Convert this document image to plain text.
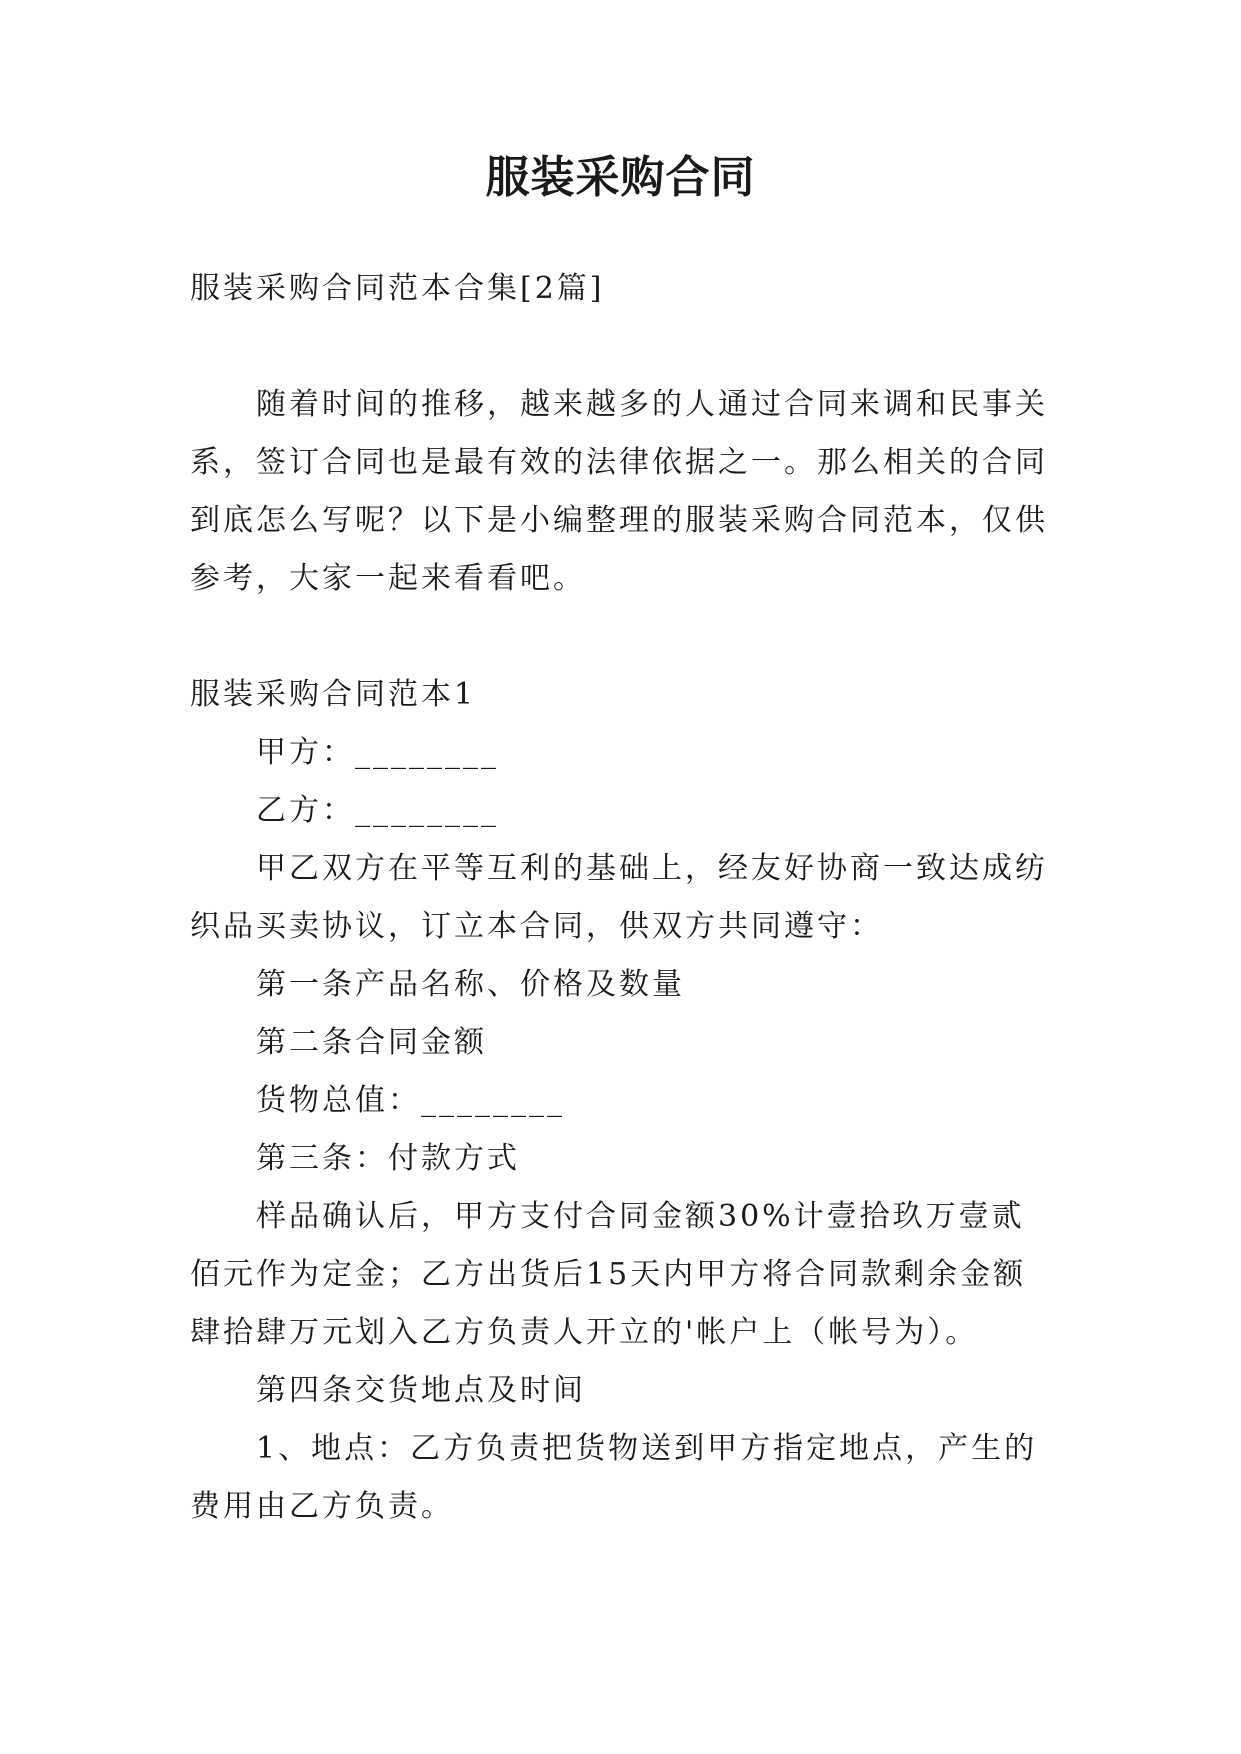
服装采购合同

服装采购合同范本合集[2篇]

随着时间的推移，越来越多的人通过合同来调和民事关系，签订合同也是最有效的法律依据之一。那么相关的合同到底怎么写呢？以下是小编整理的服装采购合同范本，仅供参考，大家一起来看看吧。

服装采购合同范本1

甲方：________

乙方：________

甲乙双方在平等互利的基础上，经友好协商一致达成纺织品买卖协议，订立本合同，供双方共同遵守：

第一条产品名称、价格及数量

第二条合同金额

货物总值：________

第三条：付款方式

样品确认后，甲方支付合同金额30%计壹拾玖万壹贰佰元作为定金；乙方出货后15天内甲方将合同款剩余金额肆拾肆万元划入乙方负责人开立的'帐户上（帐号为）。

第四条交货地点及时间

1、地点：乙方负责把货物送到甲方指定地点，产生的费用由乙方负责。
